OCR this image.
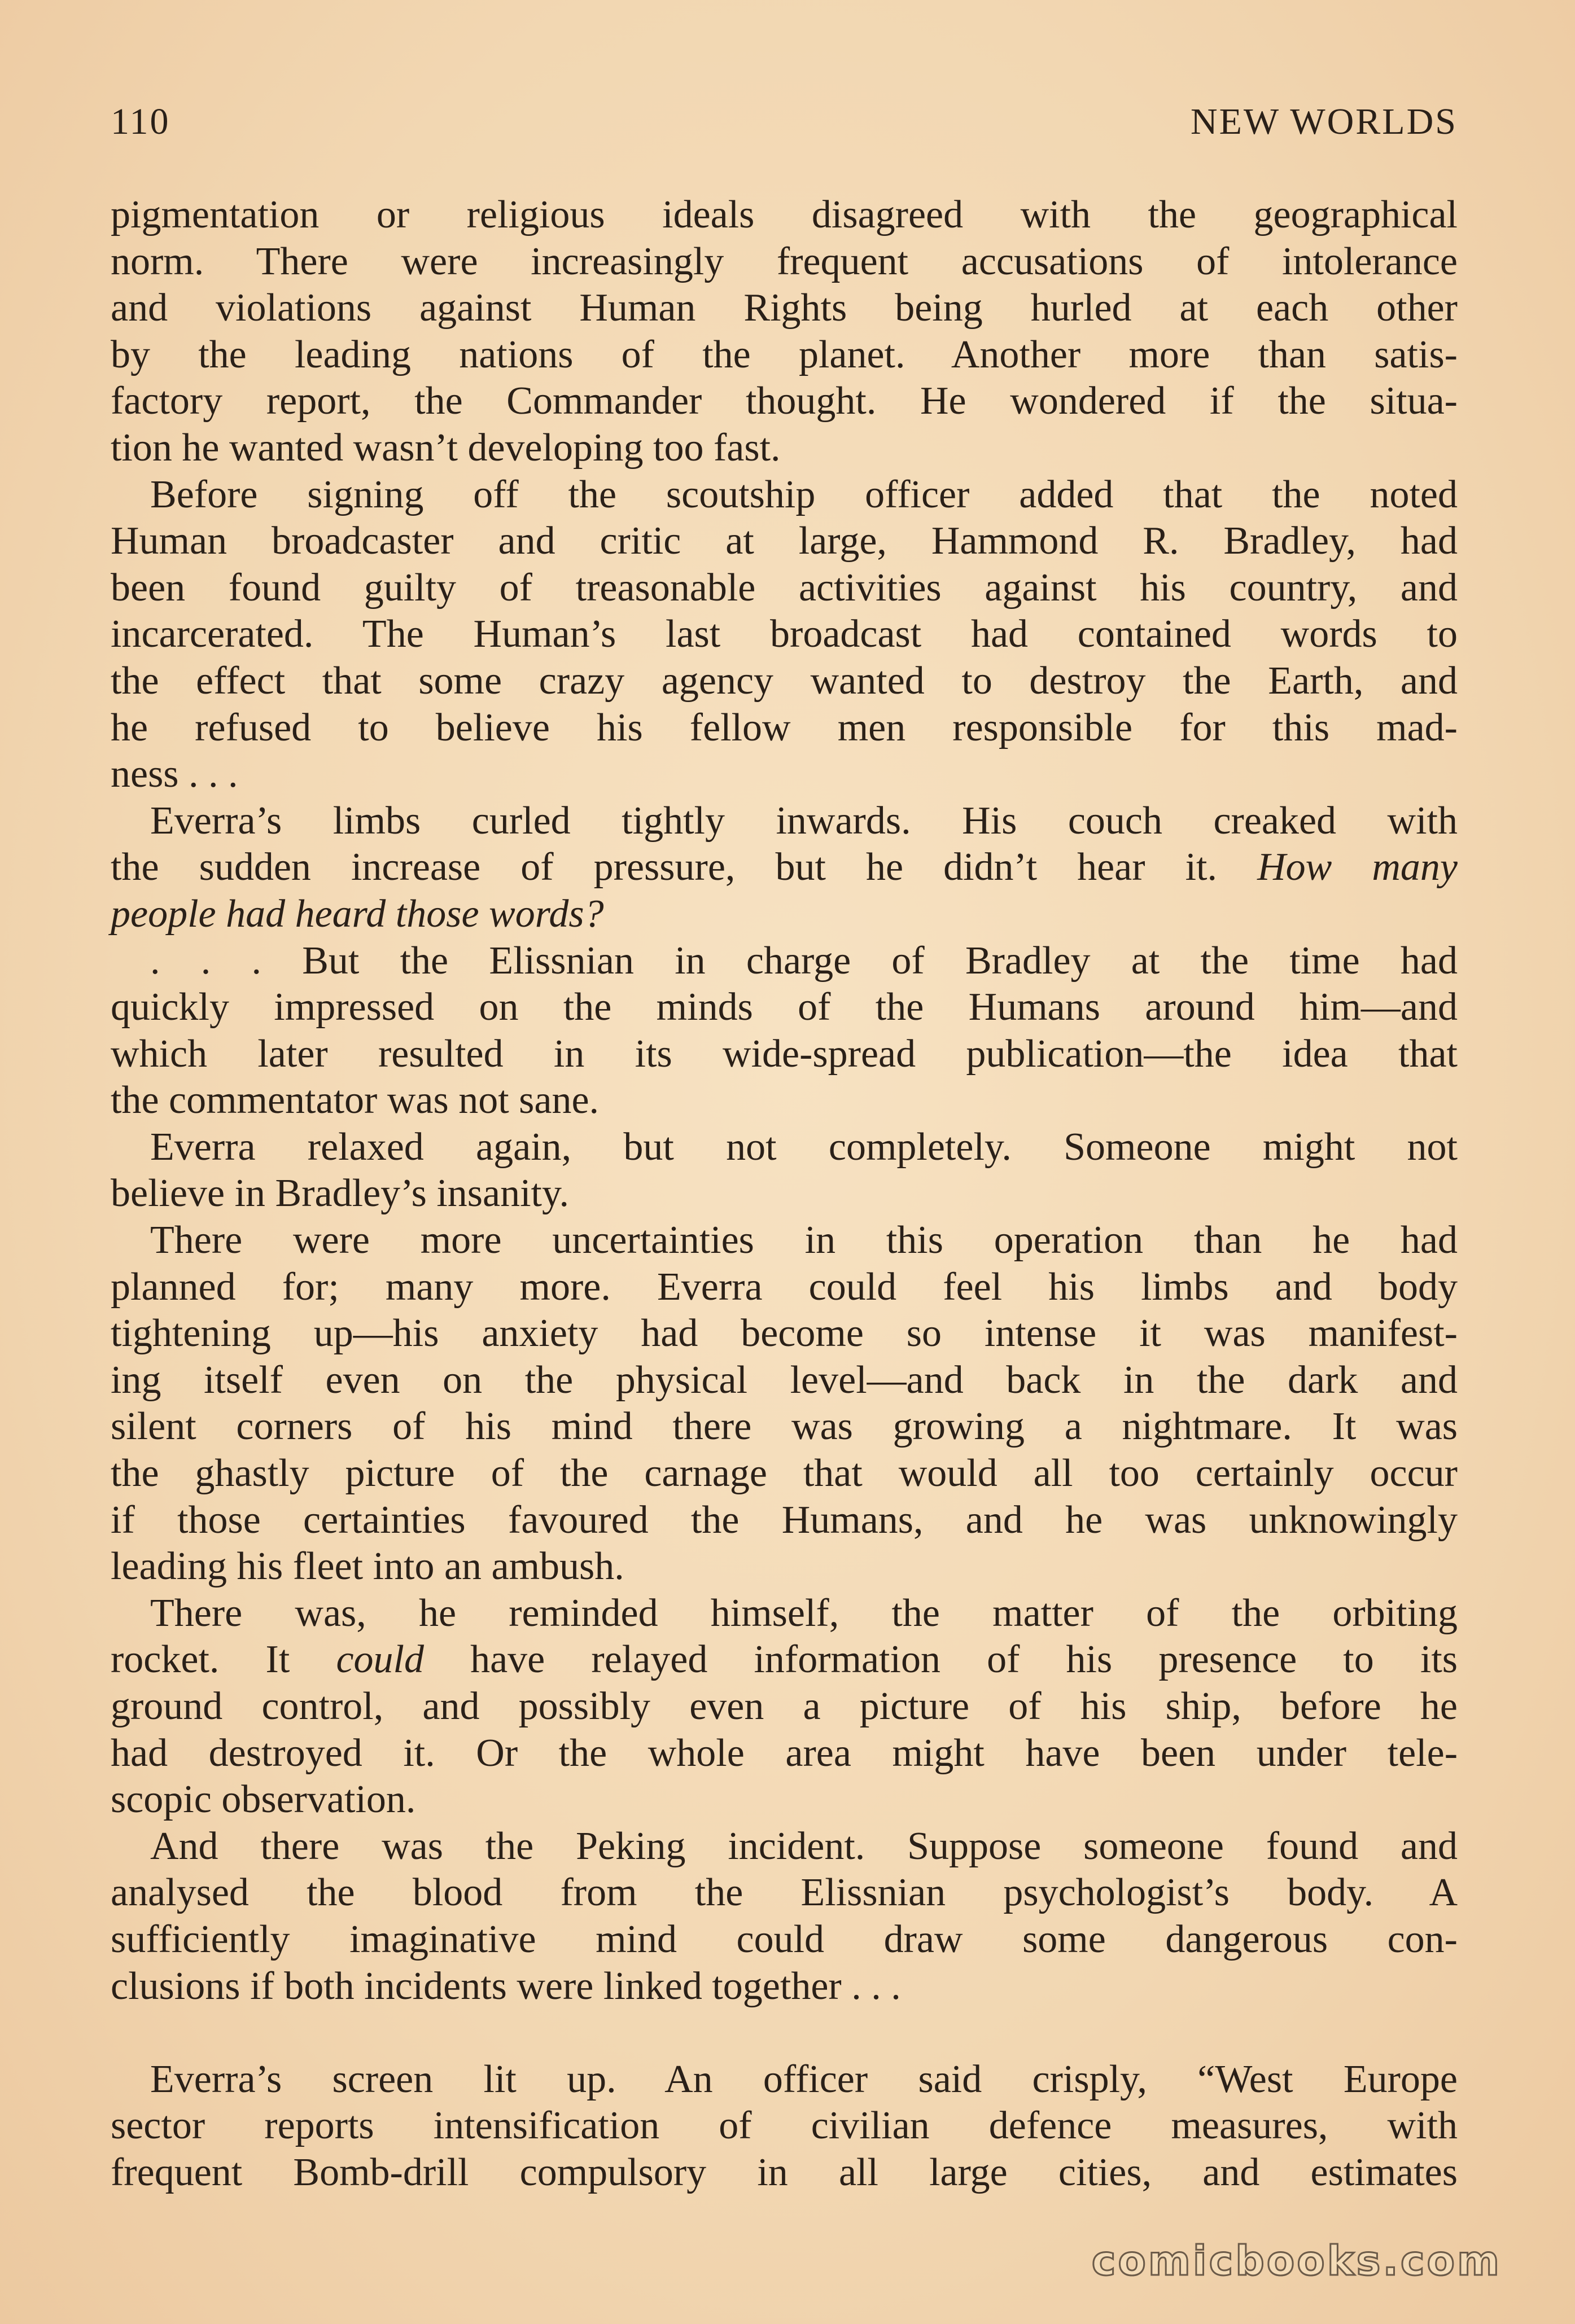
110	NEW WORLDS
pigmentation or religious ideals disagreed with the geographical
norm. There were increasingly frequent accusations of intolerance
and violations against Human Rights being hurled at each other
by the leading nations of the planet. Another more than satis-
factory report, the Commander thought. He wondered if the situa-
tion he wanted wasn’t developing too fast.
Before signing off the scoutship officer added that the noted
Human broadcaster and critic at large, Hammond R. Bradley, had
been found guilty of treasonable activities against his country, and
incarcerated. The Human’s last broadcast had contained words to
the effect that some crazy agency wanted to destroy the Earth, and
he refused to believe his fellow men responsible for this mad-
ness . . .
Everra’s limbs curled tightly inwards. His couch creaked with
the sudden increase of pressure, but he didn’t hear it. How many
people had heard those words?
. . . But the Elissnian in charge of Bradley at the time had
quickly impressed on the minds of the Humans around him—and
which later resulted in its wide-spread publication—the idea that
the commentator was not sane.
Everra relaxed again, but not completely. Someone might not
believe in Bradley’s insanity.
There were more uncertainties in this operation than he had
planned for; many more. Everra could feel his limbs and body
tightening up—his anxiety had become so intense it was manifest-
ing itself even on the physical level—and back in the dark and
silent corners of his mind there was growing a nightmare. It was
the ghastly picture of the carnage that would all too certainly occur
if those certainties favoured the Humans, and he was unknowingly
leading his fleet into an ambush.
There was, he reminded himself, the matter of the orbiting
rocket. It could have relayed information of his presence to its
ground control, and possibly even a picture of his ship, before he
had destroyed it. Or the whole area might have been under tele-
scopic observation.
And there was the Peking incident. Suppose someone found and
analysed the blood from the Elissnian psychologist’s body. A
sufficiently imaginative mind could draw some dangerous con-
clusions if both incidents were linked together . . .
Everra’s screen lit up. An officer said crisply, “West Europe
sector reports intensification of civilian defence measures, with
frequent Bomb-drill compulsory in all large cities, and estimates
comicbooks.com
